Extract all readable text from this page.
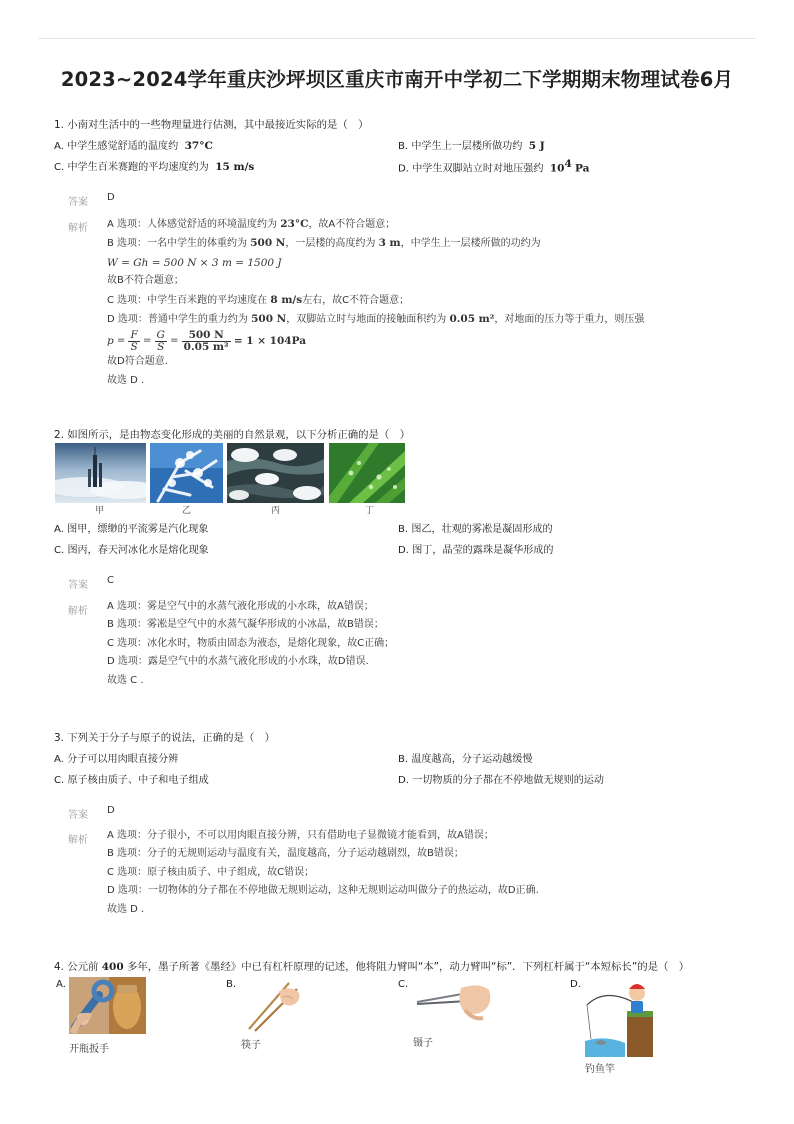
2023~2024学年重庆沙坪坝区重庆市南开中学初二下学期期末物理试卷6月
1. 小南对生活中的一些物理量进行估测，其中最接近实际的是（　）
A. 中学生感觉舒适的温度约 37°C	B. 中学生上一层楼所做功约 5 J
C. 中学生百米赛跑的平均速度约为 15 m/s	D. 中学生双脚站立时对地压强约 $10^4$ Pa
答案 D
解析 A 选项：人体感觉舒适的环境温度约为 23°C，故A不符合题意；
B 选项：一名中学生的体重约为 500 N，一层楼的高度约为 3 m，中学生上一层楼所做的功约为
W = Gh = 500 N × 3 m = 1500 J
故B不符合题意；
C 选项：中学生百米跑的平均速度在 8 m/s左右，故C不符合题意；
D 选项：普通中学生的重力约为 500 N，双脚站立时与地面的接触面积约为 0.05 m²，对地面的压力等于重力，则压强
$p = \frac{F}{S} = \frac{G}{S} = \frac{500 N}{\text{0.05 m²}}$
= 1 × 10 4 Pa
故D符合题意.
故选 D .
2. 如图所示，是由物态变化形成的美丽的自然景观，以下分析正确的是（　）
甲	乙	丙	丁
A. 图甲，缥缈的平流雾是汽化现象	B. 图乙，壮观的雾凇是凝固形成的
C. 图丙，春天河冰化水是熔化现象	D. 图丁，晶莹的露珠是凝华形成的
答案 C
解析 A 选项：雾是空气中的水蒸气液化形成的小水珠，故A错误；
B 选项：雾凇是空气中的水蒸气凝华形成的小冰晶，故B错误；
C 选项：冰化水时，物质由固态为液态，是熔化现象，故C正确；
D 选项：露是空气中的水蒸气液化形成的小水珠，故D错误.
故选 C .
3. 下列关于分子与原子的说法，正确的是（　）
A. 分子可以用肉眼直接分辨	B. 温度越高，分子运动越缓慢
C. 原子核由质子、中子和电子组成	D. 一切物质的分子都在不停地做无规则的运动
答案 D
解析 A 选项：分子很小，不可以用肉眼直接分辨，只有借助电子显微镜才能看到，故A错误；
B 选项：分子的无规则运动与温度有关，温度越高，分子运动越剧烈，故B错误；
C 选项：原子核由质子、中子组成，故C错误；
D 选项：一切物体的分子都在不停地做无规则运动，这种无规则运动叫做分子的热运动，故D正确.
故选 D .
4. 公元前 400 多年，墨子所著《墨经》中已有杠杆原理的记述，他将阻力臂叫“本”，动力臂叫“标”．下列杠杆属于“本短标长”的是（　）
A.
开瓶扳手
B.
筷子
C.
镊子
D.
钓鱼竿
